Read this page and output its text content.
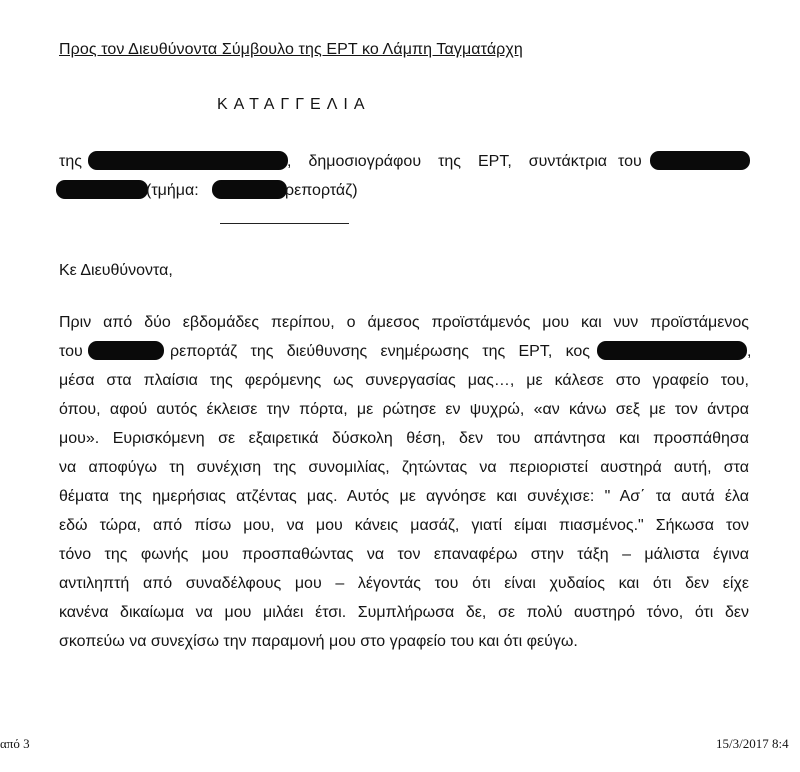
Προς τον Διευθύνοντα Σύμβουλο της ΕΡΤ κο Λάμπη Ταγματάρχη
ΚΑΤΑΓΓΕΛΙΑ
της	, δημοσιογράφου της ΕΡΤ, συντάκτρια του
(τμήμα:	ρεπορτάζ)
Κε Διευθύνοντα,
Πριν από δύο εβδομάδες περίπου, ο άμεσος προϊστάμενός μου και νυν προϊστάμενος
του	ρεπορτάζ της διεύθυνσης ενημέρωσης της ΕΡΤ, κος	,
μέσα στα πλαίσια της φερόμενης ως συνεργασίας μας…, με κάλεσε στο γραφείο του,
όπου, αφού αυτός έκλεισε την πόρτα, με ρώτησε εν ψυχρώ, «αν κάνω σεξ με τον άντρα
μου». Ευρισκόμενη σε εξαιρετικά δύσκολη θέση, δεν του απάντησα και προσπάθησα
να αποφύγω τη συνέχιση της συνομιλίας, ζητώντας να περιοριστεί αυστηρά αυτή, στα
θέματα της ημερήσιας ατζέντας μας. Αυτός με αγνόησε και συνέχισε: " Ασ΄ τα αυτά έλα
εδώ τώρα, από πίσω μου, να μου κάνεις μασάζ, γιατί είμαι πιασμένος." Σήκωσα τον
τόνο της φωνής μου προσπαθώντας να τον επαναφέρω στην τάξη – μάλιστα έγινα
αντιληπτή από συναδέλφους μου – λέγοντάς του ότι είναι χυδαίος και ότι δεν είχε
κανένα δικαίωμα να μου μιλάει έτσι. Συμπλήρωσα δε, σε πολύ αυστηρό τόνο, ότι δεν
σκοπεύω να συνεχίσω την παραμονή μου στο γραφείο του και ότι φεύγω.
από 3	15/3/2017 8:4
